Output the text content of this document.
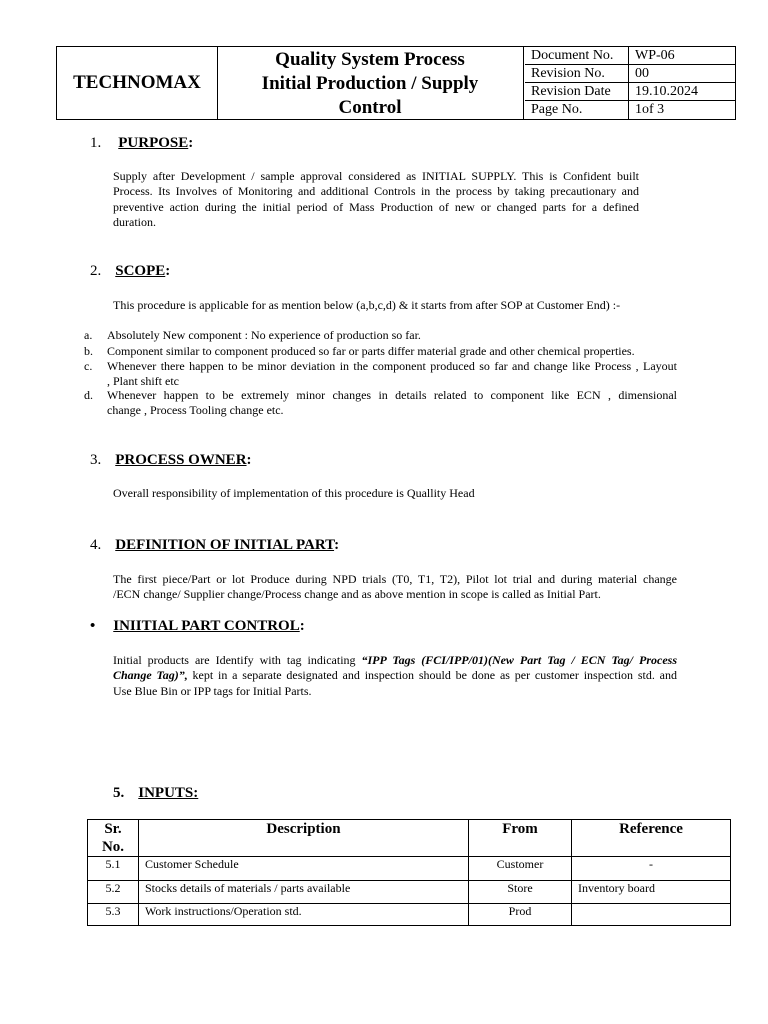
TECHNOMAX
Quality System Process
Initial Production / Supply
Control
Document No. WP-06
Revision No. 00
Revision Date 19.10.2024
Page No.	1of 3
1. PURPOSE:
Supply after Development / sample approval considered as INITIAL SUPPLY. This is Confident built
Process. Its Involves of Monitoring and additional Controls in the process by taking precautionary and
preventive action during the initial period of Mass Production of new or changed parts for a defined
duration.
2. SCOPE:
This procedure is applicable for as mention below (a,b,c,d) & it starts from after SOP at Customer End) :-
a. Absolutely New component : No experience of production so far.
b. Component similar to component produced so far or parts differ material grade and other chemical properties.
c. Whenever there happen to be minor deviation in the component produced so far and change like Process , Layout
, Plant shift etc
d. Whenever happen to be extremely minor changes in details related to component like ECN , dimensional
change , Process Tooling change etc.
3. PROCESS OWNER:
Overall responsibility of implementation of this procedure is Quallity Head
4. DEFINITION OF INITIAL PART:
The first piece/Part or lot Produce during NPD trials (T0, T1, T2), Pilot lot trial and during material change
/ECN change/ Supplier change/Process change and as above mention in scope is called as Initial Part.
• INIITIAL PART CONTROL:
Initial products are Identify with tag indicating “IPP Tags (FCI/IPP/01)(New Part Tag / ECN Tag/ Process
Change Tag)”, kept in a separate designated and inspection should be done as per customer inspection std. and
Use Blue Bin or IPP tags for Initial Parts.
5. INPUTS:
Sr.
No.	Description	From	Reference
5.1	Customer Schedule	Customer	-
5.2	Stocks details of materials / parts available	Store	Inventory board
5.3	Work instructions/Operation std.	Prod	
